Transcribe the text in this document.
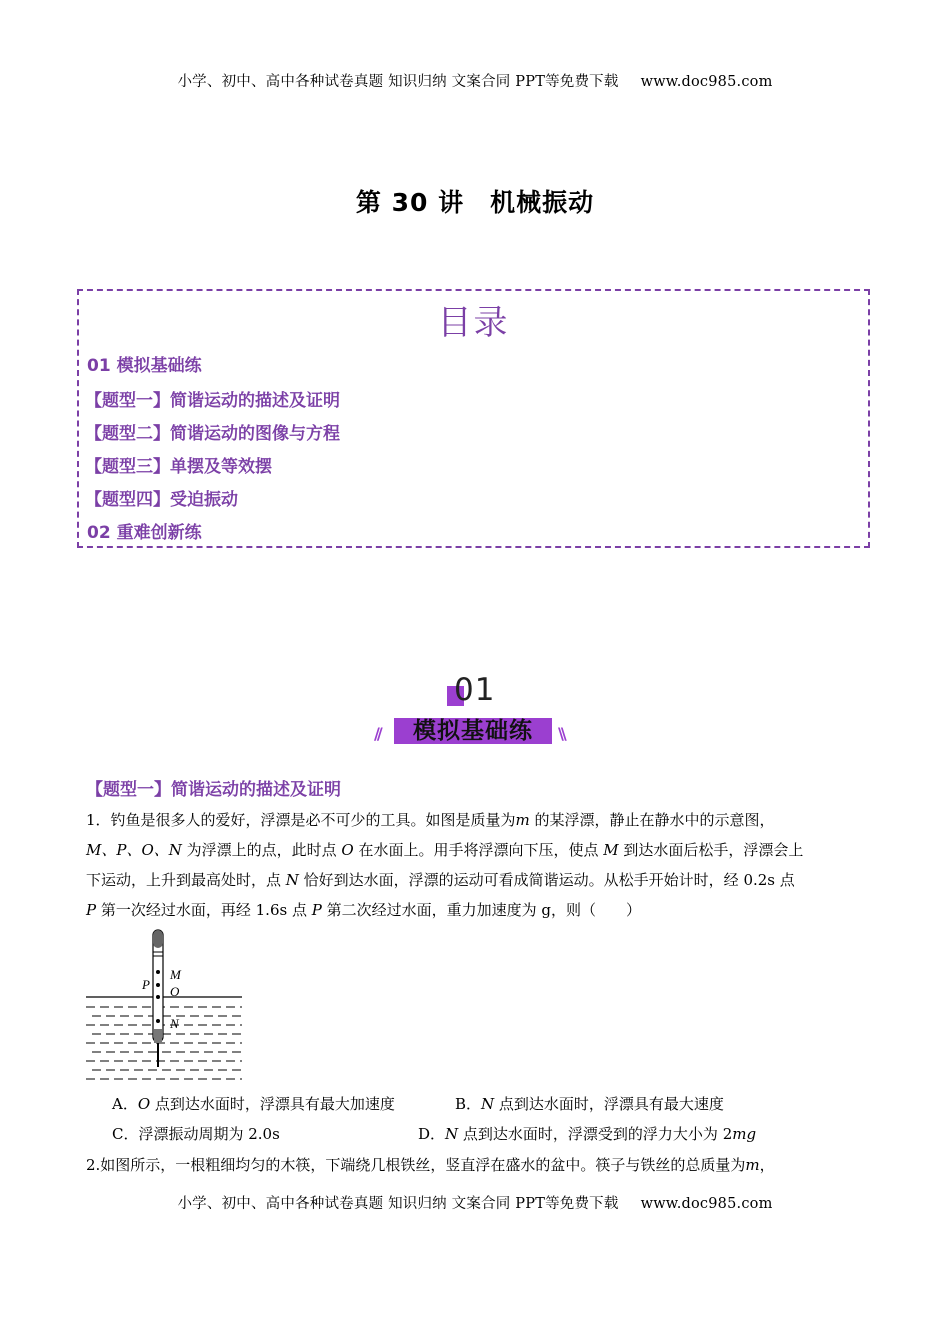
小学、初中、高中各种试卷真题 知识归纳 文案合同 PPT等免费下载 www.doc985.com
第 30 讲　机械振动
目录
01 模拟基础练
【题型一】简谐运动的描述及证明
【题型二】简谐运动的图像与方程
【题型三】单摆及等效摆
【题型四】受迫振动
02 重难创新练
01
//	\\
模拟基础练
【题型一】简谐运动的描述及证明
1．钓鱼是很多人的爱好，浮漂是必不可少的工具。如图是质量为m 的某浮漂，静止在静水中的示意图，
M、P、O、N 为浮漂上的点，此时点 O 在水面上。用手将浮漂向下压，使点 M 到达水面后松手，浮漂会上
下运动，上升到最高处时，点 N 恰好到达水面，浮漂的运动可看成简谐运动。从松手开始计时，经 0.2s 点
P 第一次经过水面，再经 1.6s 点 P 第二次经过水面，重力加速度为 g，则（　　）
M
P O
N
A．O 点到达水面时，浮漂具有最大加速度	B．N 点到达水面时，浮漂具有最大速度
C．浮漂振动周期为 2.0s	D．N 点到达水面时，浮漂受到的浮力大小为 2mg
2.如图所示，一根粗细均匀的木筷，下端绕几根铁丝，竖直浮在盛水的盆中。筷子与铁丝的总质量为m，
小学、初中、高中各种试卷真题 知识归纳 文案合同 PPT等免费下载 www.doc985.com
